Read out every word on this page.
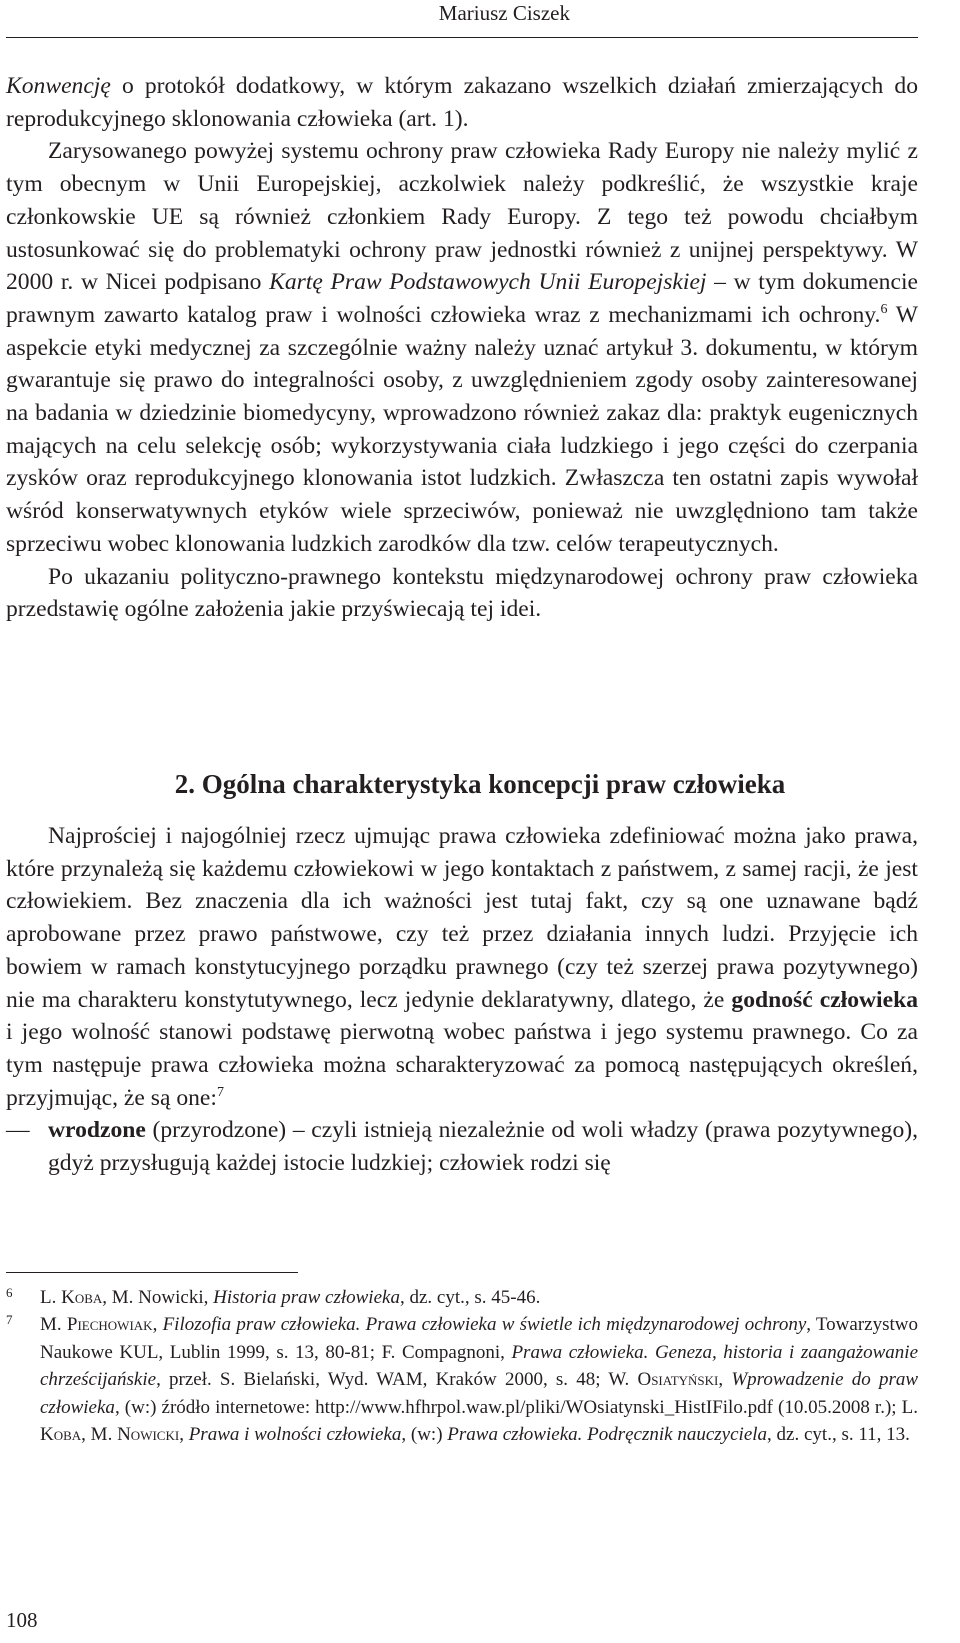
Mariusz Ciszek

Konwencję o protokół dodatkowy, w którym zakazano wszelkich działań zmierzających do reprodukcyjnego sklonowania człowieka (art. 1).

Zarysowanego powyżej systemu ochrony praw człowieka Rady Europy nie należy mylić z tym obecnym w Unii Europejskiej, aczkolwiek należy podkreślić, że wszystkie kraje członkowskie UE są również członkiem Rady Europy. Z tego też powodu chciałbym ustosunkować się do problematyki ochrony praw jednostki również z unijnej perspektywy. W 2000 r. w Nicei podpisano Kartę Praw Podstawowych Unii Europejskiej – w tym dokumencie prawnym zawarto katalog praw i wolności człowieka wraz z mechanizmami ich ochrony.$^6$ W aspekcie etyki medycznej za szczególnie ważny należy uznać artykuł 3. dokumentu, w którym gwarantuje się prawo do integralności osoby, z uwzględnieniem zgody osoby zainteresowanej na badania w dziedzinie biomedycyny, wprowadzono również zakaz dla: praktyk eugenicznych mających na celu selekcję osób; wykorzystywania ciała ludzkiego i jego części do czerpania zysków oraz reprodukcyjnego klonowania istot ludzkich. Zwłaszcza ten ostatni zapis wywołał wśród konserwatywnych etyków wiele sprzeciwów, ponieważ nie uwzględniono tam także sprzeciwu wobec klonowania ludzkich zarodków dla tzw. celów terapeutycznych.

Po ukazaniu polityczno-prawnego kontekstu międzynarodowej ochrony praw człowieka przedstawię ogólne założenia jakie przyświecają tej idei.

2. Ogólna charakterystyka koncepcji praw człowieka

Najprościej i najogólniej rzecz ujmując prawa człowieka zdefiniować można jako prawa, które przynależą się każdemu człowiekowi w jego kontaktach z państwem, z samej racji, że jest człowiekiem. Bez znaczenia dla ich ważności jest tutaj fakt, czy są one uznawane bądź aprobowane przez prawo państwowe, czy też przez działania innych ludzi. Przyjęcie ich bowiem w ramach konstytucyjnego porządku prawnego (czy też szerzej prawa pozytywnego) nie ma charakteru konstytutywnego, lecz jedynie deklaratywny, dlatego, że godność człowieka i jego wolność stanowi podstawę pierwotną wobec państwa i jego systemu prawnego. Co za tym następuje prawa człowieka można scharakteryzować za pomocą następujących określeń, przyjmując, że są one:$^7$

— wrodzone (przyrodzone) – czyli istnieją niezależnie od woli władzy (prawa pozytywnego), gdyż przysługują każdej istocie ludzkiej; człowiek rodzi się
6	L. Koba, M. Nowicki, Historia praw człowieka, dz. cyt., s. 45-46.
7	M. Piechowiak, Filozofia praw człowieka. Prawa człowieka w świetle ich międzynarodowej ochrony, Towarzystwo Naukowe KUL, Lublin 1999, s. 13, 80-81; F. Compagnoni, Prawa człowieka. Geneza, historia i zaangażowanie chrześcijańskie, przeł. S. Bielański, Wyd. WAM, Kraków 2000, s. 48; W. Osiatyński, Wprowadzenie do praw człowieka, (w:) źródło internetowe: http://www.hfhrpol.waw.pl/pliki/WOsiatynski_HistIFilo.pdf (10.05.2008 r.); L. Koba, M. Nowicki, Prawa i wolności człowieka, (w:) Prawa człowieka. Podręcznik nauczyciela, dz. cyt., s. 11, 13.
108
